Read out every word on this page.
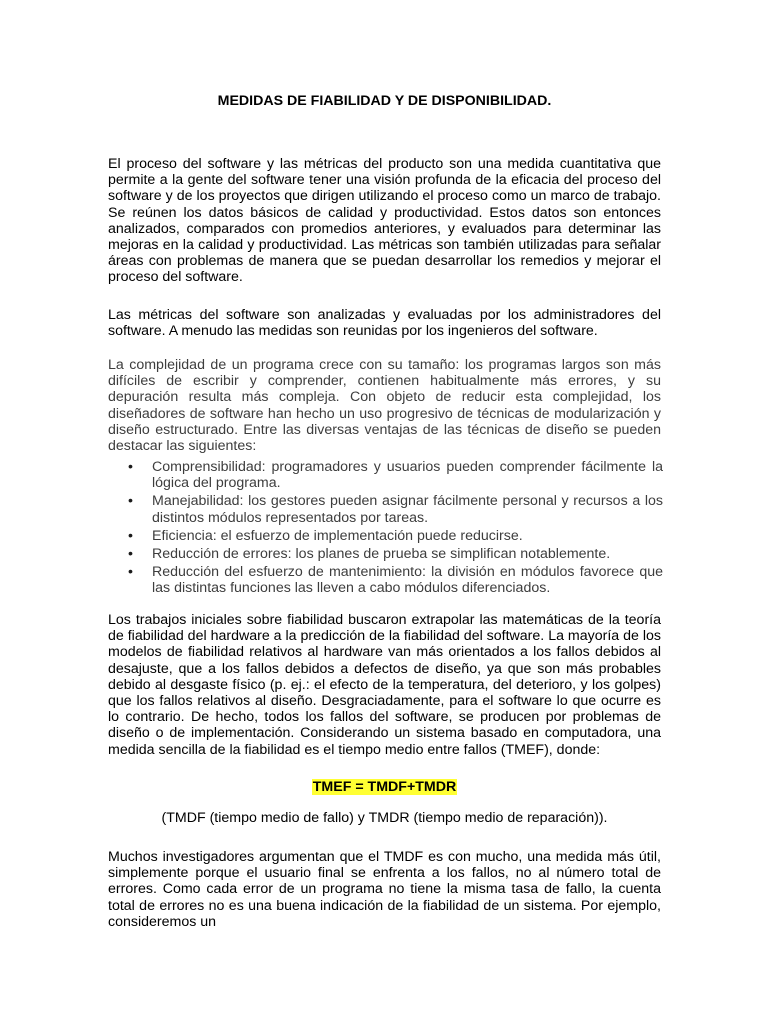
MEDIDAS DE FIABILIDAD Y DE DISPONIBILIDAD.

El proceso del software y las métricas del producto son una medida cuantitativa que permite a la gente del software tener una visión profunda de la eficacia del proceso del software y de los proyectos que dirigen utilizando el proceso como un marco de trabajo. Se reúnen los datos básicos de calidad y productividad. Estos datos son entonces analizados, comparados con promedios anteriores, y evaluados para determinar las mejoras en la calidad y productividad. Las métricas son también utilizadas para señalar áreas con problemas de manera que se puedan desarrollar los remedios y mejorar el proceso del software.

Las métricas del software son analizadas y evaluadas por los administradores del software. A menudo las medidas son reunidas por los ingenieros del software.

La complejidad de un programa crece con su tamaño: los programas largos son más difíciles de escribir y comprender, contienen habitualmente más errores, y su depuración resulta más compleja. Con objeto de reducir esta complejidad, los diseñadores de software han hecho un uso progresivo de técnicas de modularización y diseño estructurado. Entre las diversas ventajas de las técnicas de diseño se pueden destacar las siguientes:

• Comprensibilidad: programadores y usuarios pueden comprender fácilmente la lógica del programa.
• Manejabilidad: los gestores pueden asignar fácilmente personal y recursos a los distintos módulos representados por tareas.
• Eficiencia: el esfuerzo de implementación puede reducirse.
• Reducción de errores: los planes de prueba se simplifican notablemente.
• Reducción del esfuerzo de mantenimiento: la división en módulos favorece que las distintas funciones las lleven a cabo módulos diferenciados.

Los trabajos iniciales sobre fiabilidad buscaron extrapolar las matemáticas de la teoría de fiabilidad del hardware a la predicción de la fiabilidad del software. La mayoría de los modelos de fiabilidad relativos al hardware van más orientados a los fallos debidos al desajuste, que a los fallos debidos a defectos de diseño, ya que son más probables debido al desgaste físico (p. ej.: el efecto de la temperatura, del deterioro, y los golpes) que los fallos relativos al diseño. Desgraciadamente, para el software lo que ocurre es lo contrario. De hecho, todos los fallos del software, se producen por problemas de diseño o de implementación. Considerando un sistema basado en computadora, una medida sencilla de la fiabilidad es el tiempo medio entre fallos (TMEF), donde:

TMEF = TMDF+TMDR

(TMDF (tiempo medio de fallo) y TMDR (tiempo medio de reparación)).

Muchos investigadores argumentan que el TMDF es con mucho, una medida más útil, simplemente porque el usuario final se enfrenta a los fallos, no al número total de errores. Como cada error de un programa no tiene la misma tasa de fallo, la cuenta total de errores no es una buena indicación de la fiabilidad de un sistema. Por ejemplo, consideremos un
